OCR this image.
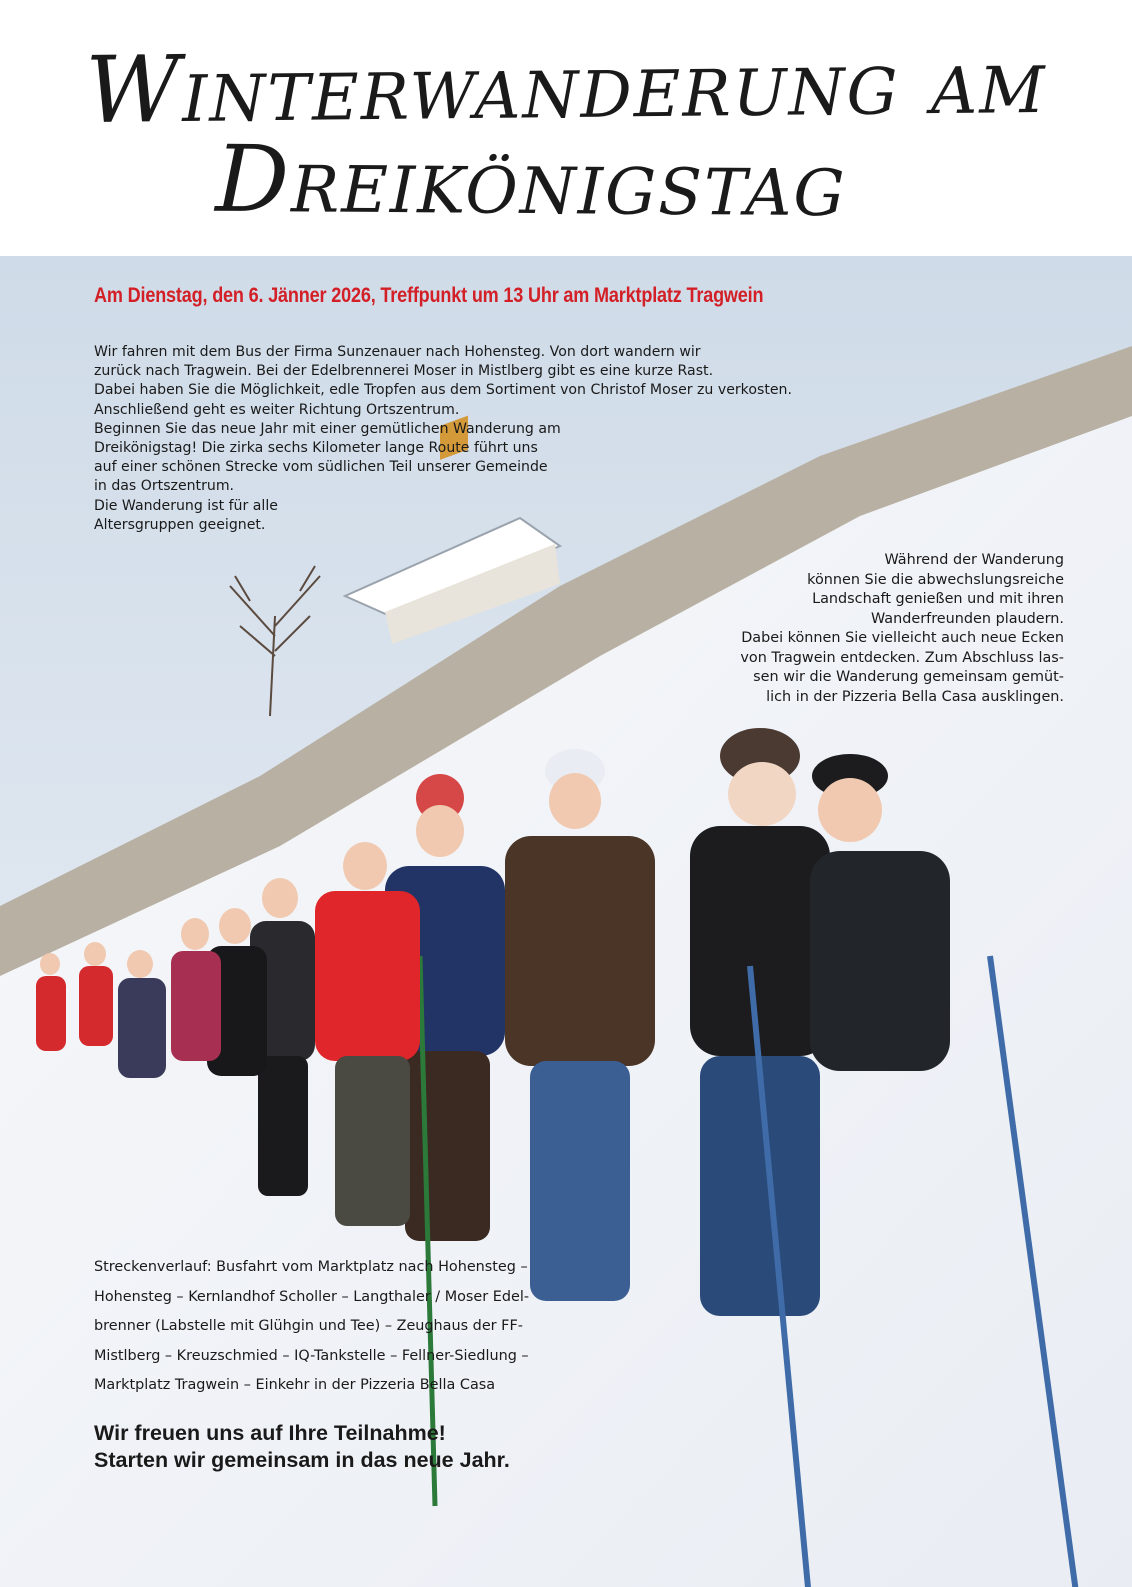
Winterwanderung am
Dreikönigstag
Am Dienstag, den 6. Jänner 2026, Treffpunkt um 13 Uhr am Marktplatz Tragwein
Wir fahren mit dem Bus der Firma Sunzenauer nach Hohensteg. Von dort wandern wir
zurück nach Tragwein. Bei der Edelbrennerei Moser in Mistlberg gibt es eine kurze Rast.
Dabei haben Sie die Möglichkeit, edle Tropfen aus dem Sortiment von Christof Moser zu verkosten.
Anschließend geht es weiter Richtung Ortszentrum.
Beginnen Sie das neue Jahr mit einer gemütlichen Wanderung am
Dreikönigstag! Die zirka sechs Kilometer lange Route führt uns
auf einer schönen Strecke vom südlichen Teil unserer Gemeinde
in das Ortszentrum.
Die Wanderung ist für alle
Altersgruppen geeignet.
Während der Wanderung
können Sie die abwechslungsreiche
Landschaft genießen und mit ihren
Wanderfreunden plaudern.
Dabei können Sie vielleicht auch neue Ecken
von Tragwein entdecken. Zum Abschluss las-
sen wir die Wanderung gemeinsam gemüt-
lich in der Pizzeria Bella Casa ausklingen.
Streckenverlauf: Busfahrt vom Marktplatz nach Hohensteg –
Hohensteg – Kernlandhof Scholler – Langthaler / Moser Edel-
brenner (Labstelle mit Glühgin und Tee) – Zeughaus der FF-
Mistlberg – Kreuzschmied – IQ-Tankstelle – Fellner-Siedlung –
Marktplatz Tragwein – Einkehr in der Pizzeria Bella Casa
Wir freuen uns auf Ihre Teilnahme!
Starten wir gemeinsam in das neue Jahr.
